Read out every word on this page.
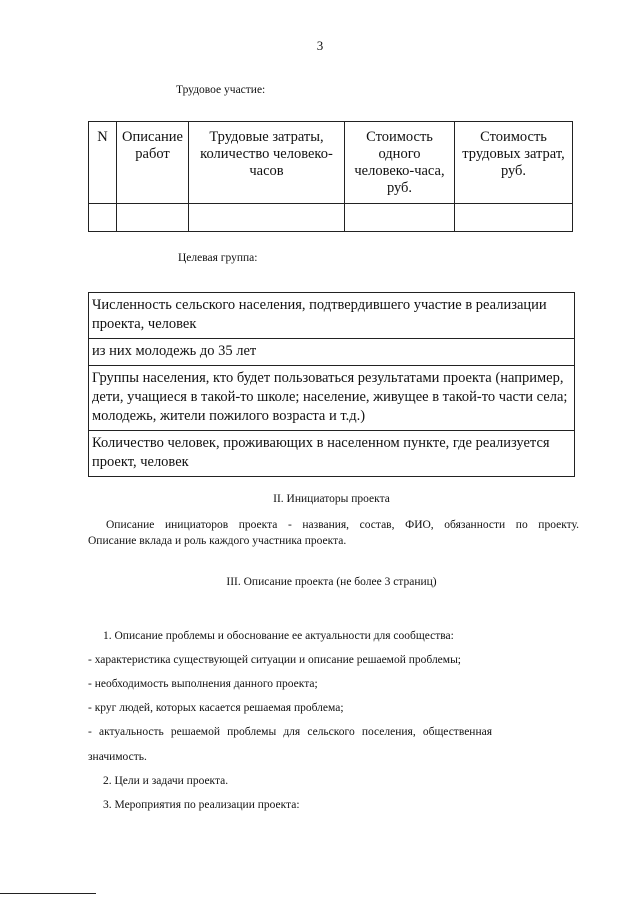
3
Трудовое участие:
N	Описание работ	Трудовые затраты, количество человеко-часов	Стоимость одного человеко-часа, руб.	Стоимость трудовых затрат, руб.

Целевая группа:
Численность сельского населения, подтвердившего участие в реализации проекта, человек
из них молодежь до 35 лет
Группы населения, кто будет пользоваться результатами проекта (например, дети, учащиеся в такой-то школе; население, живущее в такой-то части села; молодежь, жители пожилого возраста и т.д.)
Количество человек, проживающих в населенном пункте, где реализуется проект, человек
II. Инициаторы проекта
Описание инициаторов проекта - названия, состав, ФИО, обязанности по проекту.
Описание вклада и роль каждого участника проекта.
III. Описание проекта (не более 3 страниц)
1. Описание проблемы и обоснование ее актуальности для сообщества:
- характеристика существующей ситуации и описание решаемой проблемы;
- необходимость выполнения данного проекта;
- круг людей, которых касается решаемая проблема;
- актуальность решаемой проблемы для сельского поселения, общественная
значимость.
2. Цели и задачи проекта.
3. Мероприятия по реализации проекта:
